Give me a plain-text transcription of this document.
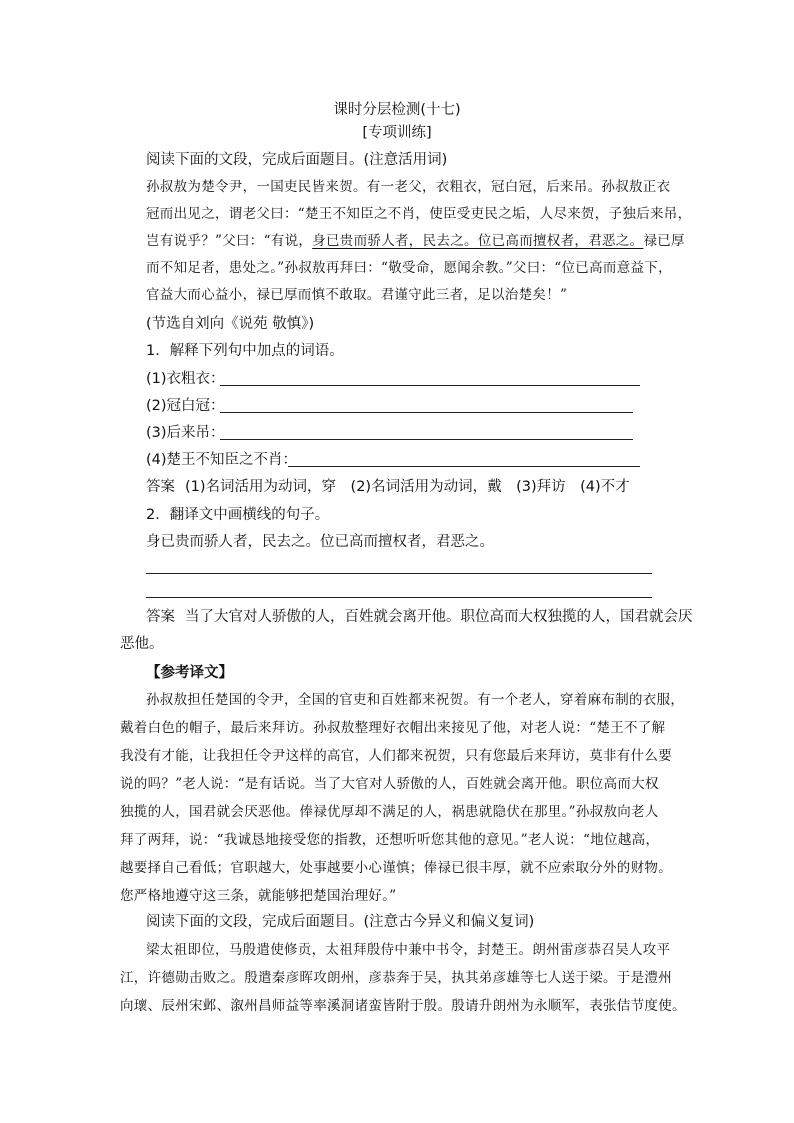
课时分层检测(十七)
[专项训练]
阅读下面的文段，完成后面题目。(注意活用词)
孙叔敖为楚令尹，一国吏民皆来贺。有一老父，衣粗衣，冠白冠，后来吊。孙叔敖正衣
冠而出见之，谓老父曰：“楚王不知臣之不肖，使臣受吏民之垢，人尽来贺，子独后来吊，
岂有说乎？”父曰：“有说，身已贵而骄人者，民去之。位已高而擅权者，君恶之。禄已厚
而不知足者，患处之。”孙叔敖再拜曰：“敬受命，愿闻余教。”父曰：“位已高而意益下，
官益大而心益小，禄已厚而慎不敢取。君谨守此三者，足以治楚矣！”
(节选自刘向《说苑 敬慎》)
1．解释下列句中加点的词语。
(1)衣粗衣：
(2)冠白冠：
(3)后来吊：
(4)楚王不知臣之不肖：
答案 (1)名词活用为动词，穿　(2)名词活用为动词，戴　(3)拜访　(4)不才
2．翻译文中画横线的句子。
身已贵而骄人者，民去之。位已高而擅权者，君恶之。
答案 当了大官对人骄傲的人，百姓就会离开他。职位高而大权独揽的人，国君就会厌
恶他。
【参考译文】
孙叔敖担任楚国的令尹，全国的官吏和百姓都来祝贺。有一个老人，穿着麻布制的衣服，
戴着白色的帽子，最后来拜访。孙叔敖整理好衣帽出来接见了他，对老人说：“楚王不了解
我没有才能，让我担任令尹这样的高官，人们都来祝贺，只有您最后来拜访，莫非有什么要
说的吗？”老人说：“是有话说。当了大官对人骄傲的人，百姓就会离开他。职位高而大权
独揽的人，国君就会厌恶他。俸禄优厚却不满足的人，祸患就隐伏在那里。”孙叔敖向老人
拜了两拜，说：“我诚恳地接受您的指教，还想听听您其他的意见。”老人说：“地位越高，
越要择自己看低；官职越大，处事越要小心谨慎；俸禄已很丰厚，就不应索取分外的财物。
您严格地遵守这三条，就能够把楚国治理好。”
阅读下面的文段，完成后面题目。(注意古今异义和偏义复词)
梁太祖即位，马殷遣使修贡，太祖拜殷侍中兼中书令，封楚王。朗州雷彦恭召吴人攻平
江，许德勋击败之。殷遣秦彦晖攻朗州，彦恭奔于吴，执其弟彦雄等七人送于梁。于是澧州
向瓌、辰州宋邺、溆州昌师益等率溪洞诸蛮皆附于殷。殷请升朗州为永顺军，表张佶节度使。
